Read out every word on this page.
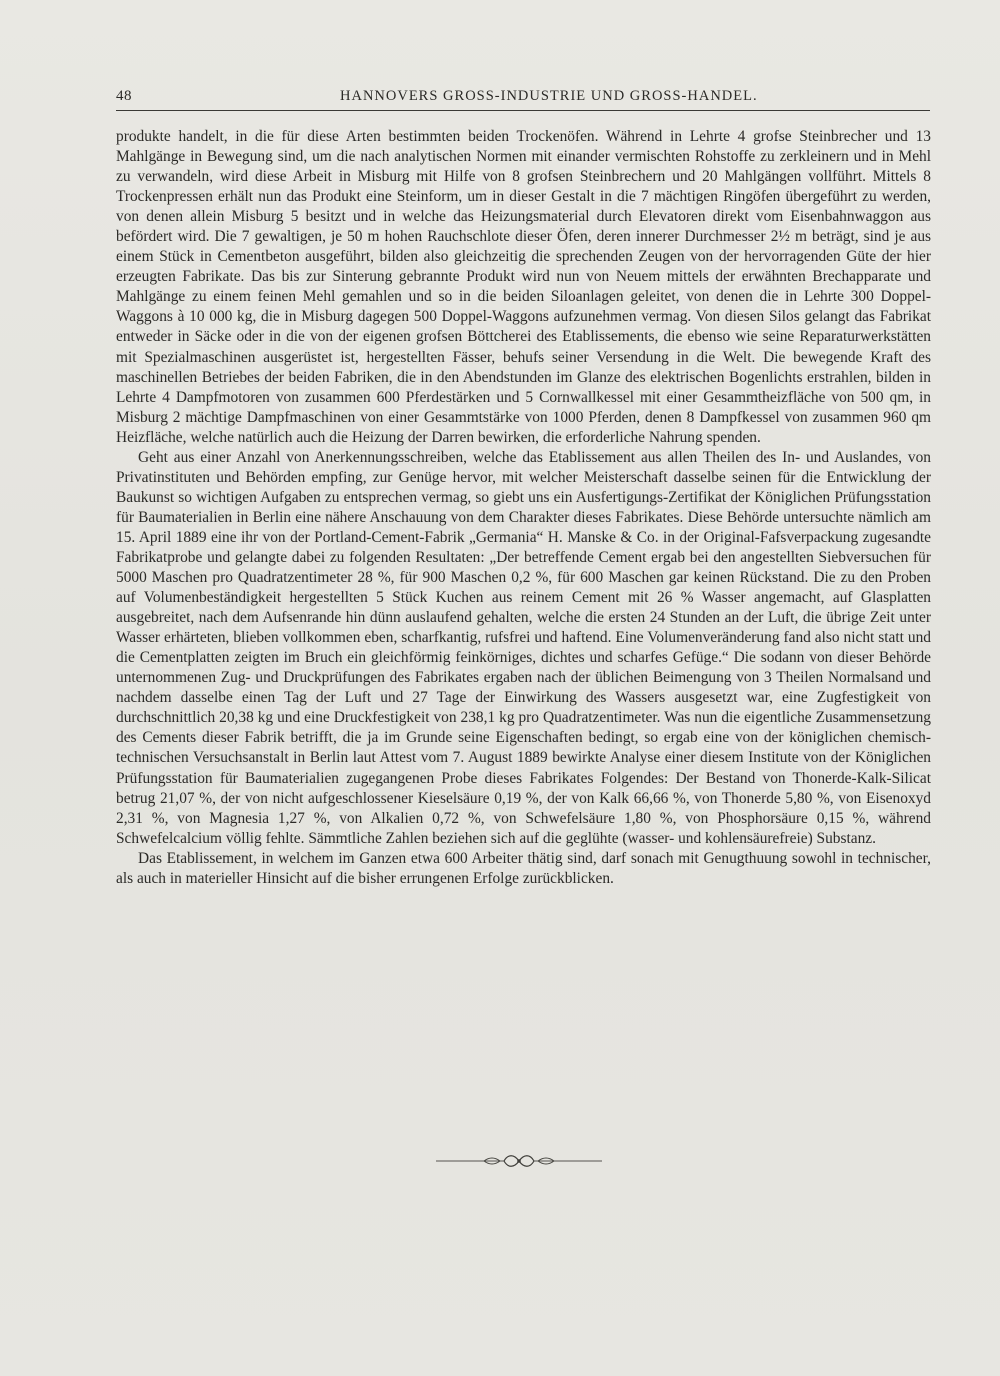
48	HANNOVERS GROSS-INDUSTRIE UND GROSS-HANDEL.

produkte handelt, in die für diese Arten bestimmten beiden Trockenöfen. Während in Lehrte 4 grofse Steinbrecher und 13 Mahlgänge in Bewegung sind, um die nach analytischen Normen mit einander vermischten Rohstoffe zu zerkleinern und in Mehl zu verwandeln, wird diese Arbeit in Misburg mit Hilfe von 8 grofsen Steinbrechern und 20 Mahlgängen vollführt. Mittels 8 Trockenpressen erhält nun das Produkt eine Steinform, um in dieser Gestalt in die 7 mächtigen Ringöfen übergeführt zu werden, von denen allein Misburg 5 besitzt und in welche das Heizungsmaterial durch Elevatoren direkt vom Eisenbahnwaggon aus befördert wird. Die 7 gewaltigen, je 50 m hohen Rauchschlote dieser Öfen, deren innerer Durchmesser 2½ m beträgt, sind je aus einem Stück in Cementbeton ausgeführt, bilden also gleichzeitig die sprechenden Zeugen von der hervorragenden Güte der hier erzeugten Fabrikate. Das bis zur Sinterung gebrannte Produkt wird nun von Neuem mittels der erwähnten Brechapparate und Mahlgänge zu einem feinen Mehl gemahlen und so in die beiden Siloanlagen geleitet, von denen die in Lehrte 300 Doppel-Waggons à 10 000 kg, die in Misburg dagegen 500 Doppel-Waggons aufzunehmen vermag. Von diesen Silos gelangt das Fabrikat entweder in Säcke oder in die von der eigenen grofsen Böttcherei des Etablissements, die ebenso wie seine Reparaturwerkstätten mit Spezialmaschinen ausgerüstet ist, hergestellten Fässer, behufs seiner Versendung in die Welt. Die bewegende Kraft des maschinellen Betriebes der beiden Fabriken, die in den Abendstunden im Glanze des elektrischen Bogenlichts erstrahlen, bilden in Lehrte 4 Dampfmotoren von zusammen 600 Pferdestärken und 5 Cornwallkessel mit einer Gesammtheizfläche von 500 qm, in Misburg 2 mächtige Dampfmaschinen von einer Gesammtstärke von 1000 Pferden, denen 8 Dampfkessel von zusammen 960 qm Heizfläche, welche natürlich auch die Heizung der Darren bewirken, die erforderliche Nahrung spenden.

Geht aus einer Anzahl von Anerkennungsschreiben, welche das Etablissement aus allen Theilen des In- und Auslandes, von Privatinstituten und Behörden empfing, zur Genüge hervor, mit welcher Meisterschaft dasselbe seinen für die Entwicklung der Baukunst so wichtigen Aufgaben zu entsprechen vermag, so giebt uns ein Ausfertigungs-Zertifikat der Königlichen Prüfungsstation für Baumaterialien in Berlin eine nähere Anschauung von dem Charakter dieses Fabrikates. Diese Behörde untersuchte nämlich am 15. April 1889 eine ihr von der Portland-Cement-Fabrik „Germania“ H. Manske & Co. in der Original-Fafsverpackung zugesandte Fabrikatprobe und gelangte dabei zu folgenden Resultaten: „Der betreffende Cement ergab bei den angestellten Siebversuchen für 5000 Maschen pro Quadratzentimeter 28 %, für 900 Maschen 0,2 %, für 600 Maschen gar keinen Rückstand. Die zu den Proben auf Volumenbeständigkeit hergestellten 5 Stück Kuchen aus reinem Cement mit 26 % Wasser angemacht, auf Glasplatten ausgebreitet, nach dem Aufsenrande hin dünn auslaufend gehalten, welche die ersten 24 Stunden an der Luft, die übrige Zeit unter Wasser erhärteten, blieben vollkommen eben, scharfkantig, rufsfrei und haftend. Eine Volumenveränderung fand also nicht statt und die Cementplatten zeigten im Bruch ein gleichförmig feinkörniges, dichtes und scharfes Gefüge.“ Die sodann von dieser Behörde unternommenen Zug- und Druckprüfungen des Fabrikates ergaben nach der üblichen Beimengung von 3 Theilen Normalsand und nachdem dasselbe einen Tag der Luft und 27 Tage der Einwirkung des Wassers ausgesetzt war, eine Zugfestigkeit von durchschnittlich 20,38 kg und eine Druckfestigkeit von 238,1 kg pro Quadratzentimeter. Was nun die eigentliche Zusammensetzung des Cements dieser Fabrik betrifft, die ja im Grunde seine Eigenschaften bedingt, so ergab eine von der königlichen chemisch-technischen Versuchsanstalt in Berlin laut Attest vom 7. August 1889 bewirkte Analyse einer diesem Institute von der Königlichen Prüfungsstation für Baumaterialien zugegangenen Probe dieses Fabrikates Folgendes: Der Bestand von Thonerde-Kalk-Silicat betrug 21,07 %, der von nicht aufgeschlossener Kieselsäure 0,19 %, der von Kalk 66,66 %, von Thonerde 5,80 %, von Eisenoxyd 2,31 %, von Magnesia 1,27 %, von Alkalien 0,72 %, von Schwefelsäure 1,80 %, von Phosphorsäure 0,15 %, während Schwefelcalcium völlig fehlte. Sämmtliche Zahlen beziehen sich auf die geglühte (wasser- und kohlensäurefreie) Substanz.

Das Etablissement, in welchem im Ganzen etwa 600 Arbeiter thätig sind, darf sonach mit Genugthuung sowohl in technischer, als auch in materieller Hinsicht auf die bisher errungenen Erfolge zurückblicken.
